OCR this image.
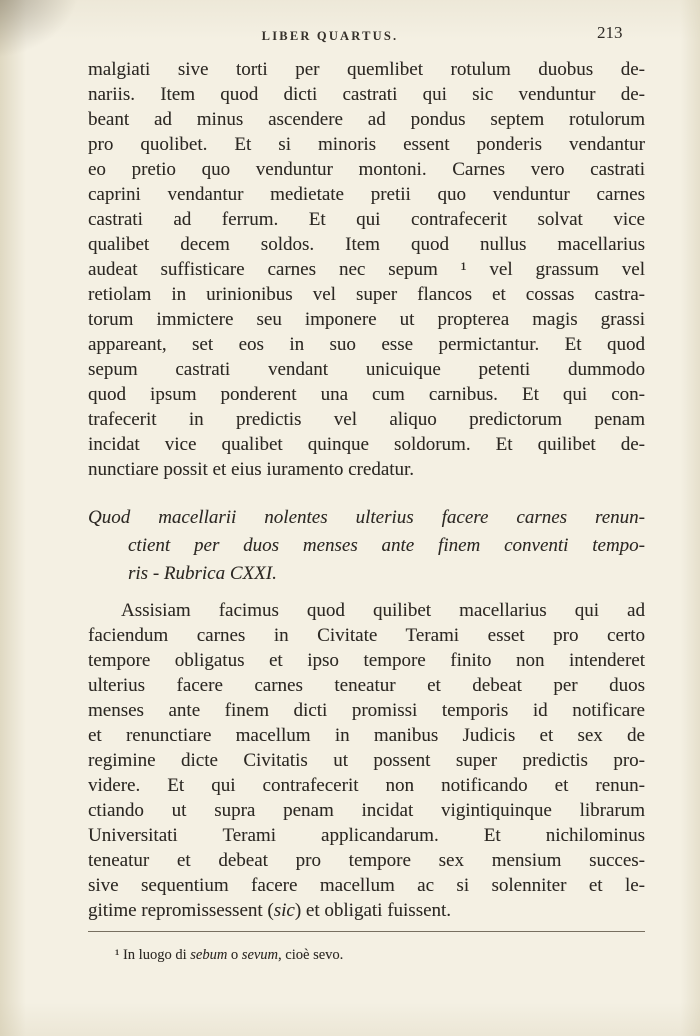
LIBER QUARTUS.	213
malgiati sive torti per quemlibet rotulum duobus de-
nariis. Item quod dicti castrati qui sic venduntur de-
beant ad minus ascendere ad pondus septem rotulorum
pro quolibet. Et si minoris essent ponderis vendantur
eo pretio quo venduntur montoni. Carnes vero castrati
caprini vendantur medietate pretii quo venduntur carnes
castrati ad ferrum. Et qui contrafecerit solvat vice
qualibet decem soldos. Item quod nullus macellarius
audeat suffisticare carnes nec sepum ¹ vel grassum vel
retiolam in urinionibus vel super flancos et cossas castra-
torum immictere seu imponere ut propterea magis grassi
appareant, set eos in suo esse permictantur. Et quod
sepum castrati vendant unicuique petenti dummodo
quod ipsum ponderent una cum carnibus. Et qui con-
trafecerit in predictis vel aliquo predictorum penam
incidat vice qualibet quinque soldorum. Et quilibet de-
nunctiare possit et eius iuramento credatur.
Quod macellarii nolentes ulterius facere carnes renun-
ctient per duos menses ante finem conventi tempo-
ris - Rubrica CXXI.
Assisiam facimus quod quilibet macellarius qui ad
faciendum carnes in Civitate Terami esset pro certo
tempore obligatus et ipso tempore finito non intenderet
ulterius facere carnes teneatur et debeat per duos
menses ante finem dicti promissi temporis id notificare
et renunctiare macellum in manibus Judicis et sex de
regimine dicte Civitatis ut possent super predictis pro-
videre. Et qui contrafecerit non notificando et renun-
ctiando ut supra penam incidat vigintiquinque librarum
Universitati Terami applicandarum. Et nichilominus
teneatur et debeat pro tempore sex mensium succes-
sive sequentium facere macellum ac si solenniter et le-
gitime repromissessent (sic) et obligati fuissent.
¹ In luogo di sebum o sevum, cioè sevo.
